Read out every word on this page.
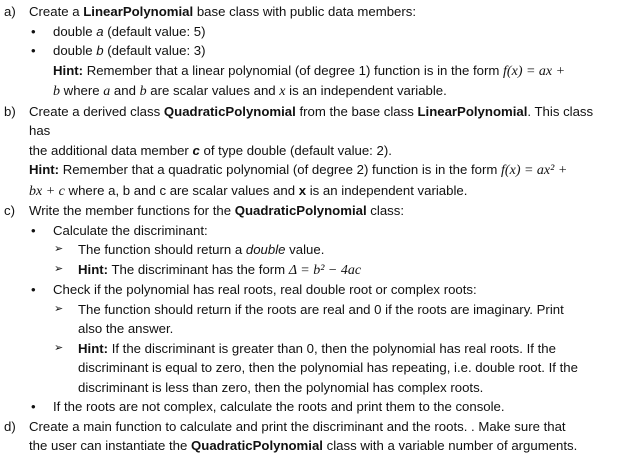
a) Create a LinearPolynomial base class with public data members:

• double a (default value: 5)
• double b (default value: 3)
Hint: Remember that a linear polynomial (of degree 1) function is in the form f(x) = ax +
b where a and b are scalar values and x is an independent variable.
b) Create a derived class QuadraticPolynomial from the base class LinearPolynomial. This class has

the additional data member c of type double (default value: 2).

Hint: Remember that a quadratic polynomial (of degree 2) function is in the form f(x) = ax² +

bx + c where a, b and c are scalar values and x is an independent variable.

c) Write the member functions for the QuadraticPolynomial class:

• Calculate the discriminant:
➢ The function should return a double value.
➢ Hint: The discriminant has the form Δ = b² − 4ac
• Check if the polynomial has real roots, real double root or complex roots:
➢ The function should return if the roots are real and 0 if the roots are imaginary. Print
also the answer.
➢ Hint: If the discriminant is greater than 0, then the polynomial has real roots. If the
discriminant is equal to zero, then the polynomial has repeating, i.e. double root. If the
discriminant is less than zero, then the polynomial has complex roots.
• If the roots are not complex, calculate the roots and print them to the console.
d) Create a main function to calculate and print the discriminant and the roots. . Make sure that

the user can instantiate the QuadraticPolynomial class with a variable number of arguments.
